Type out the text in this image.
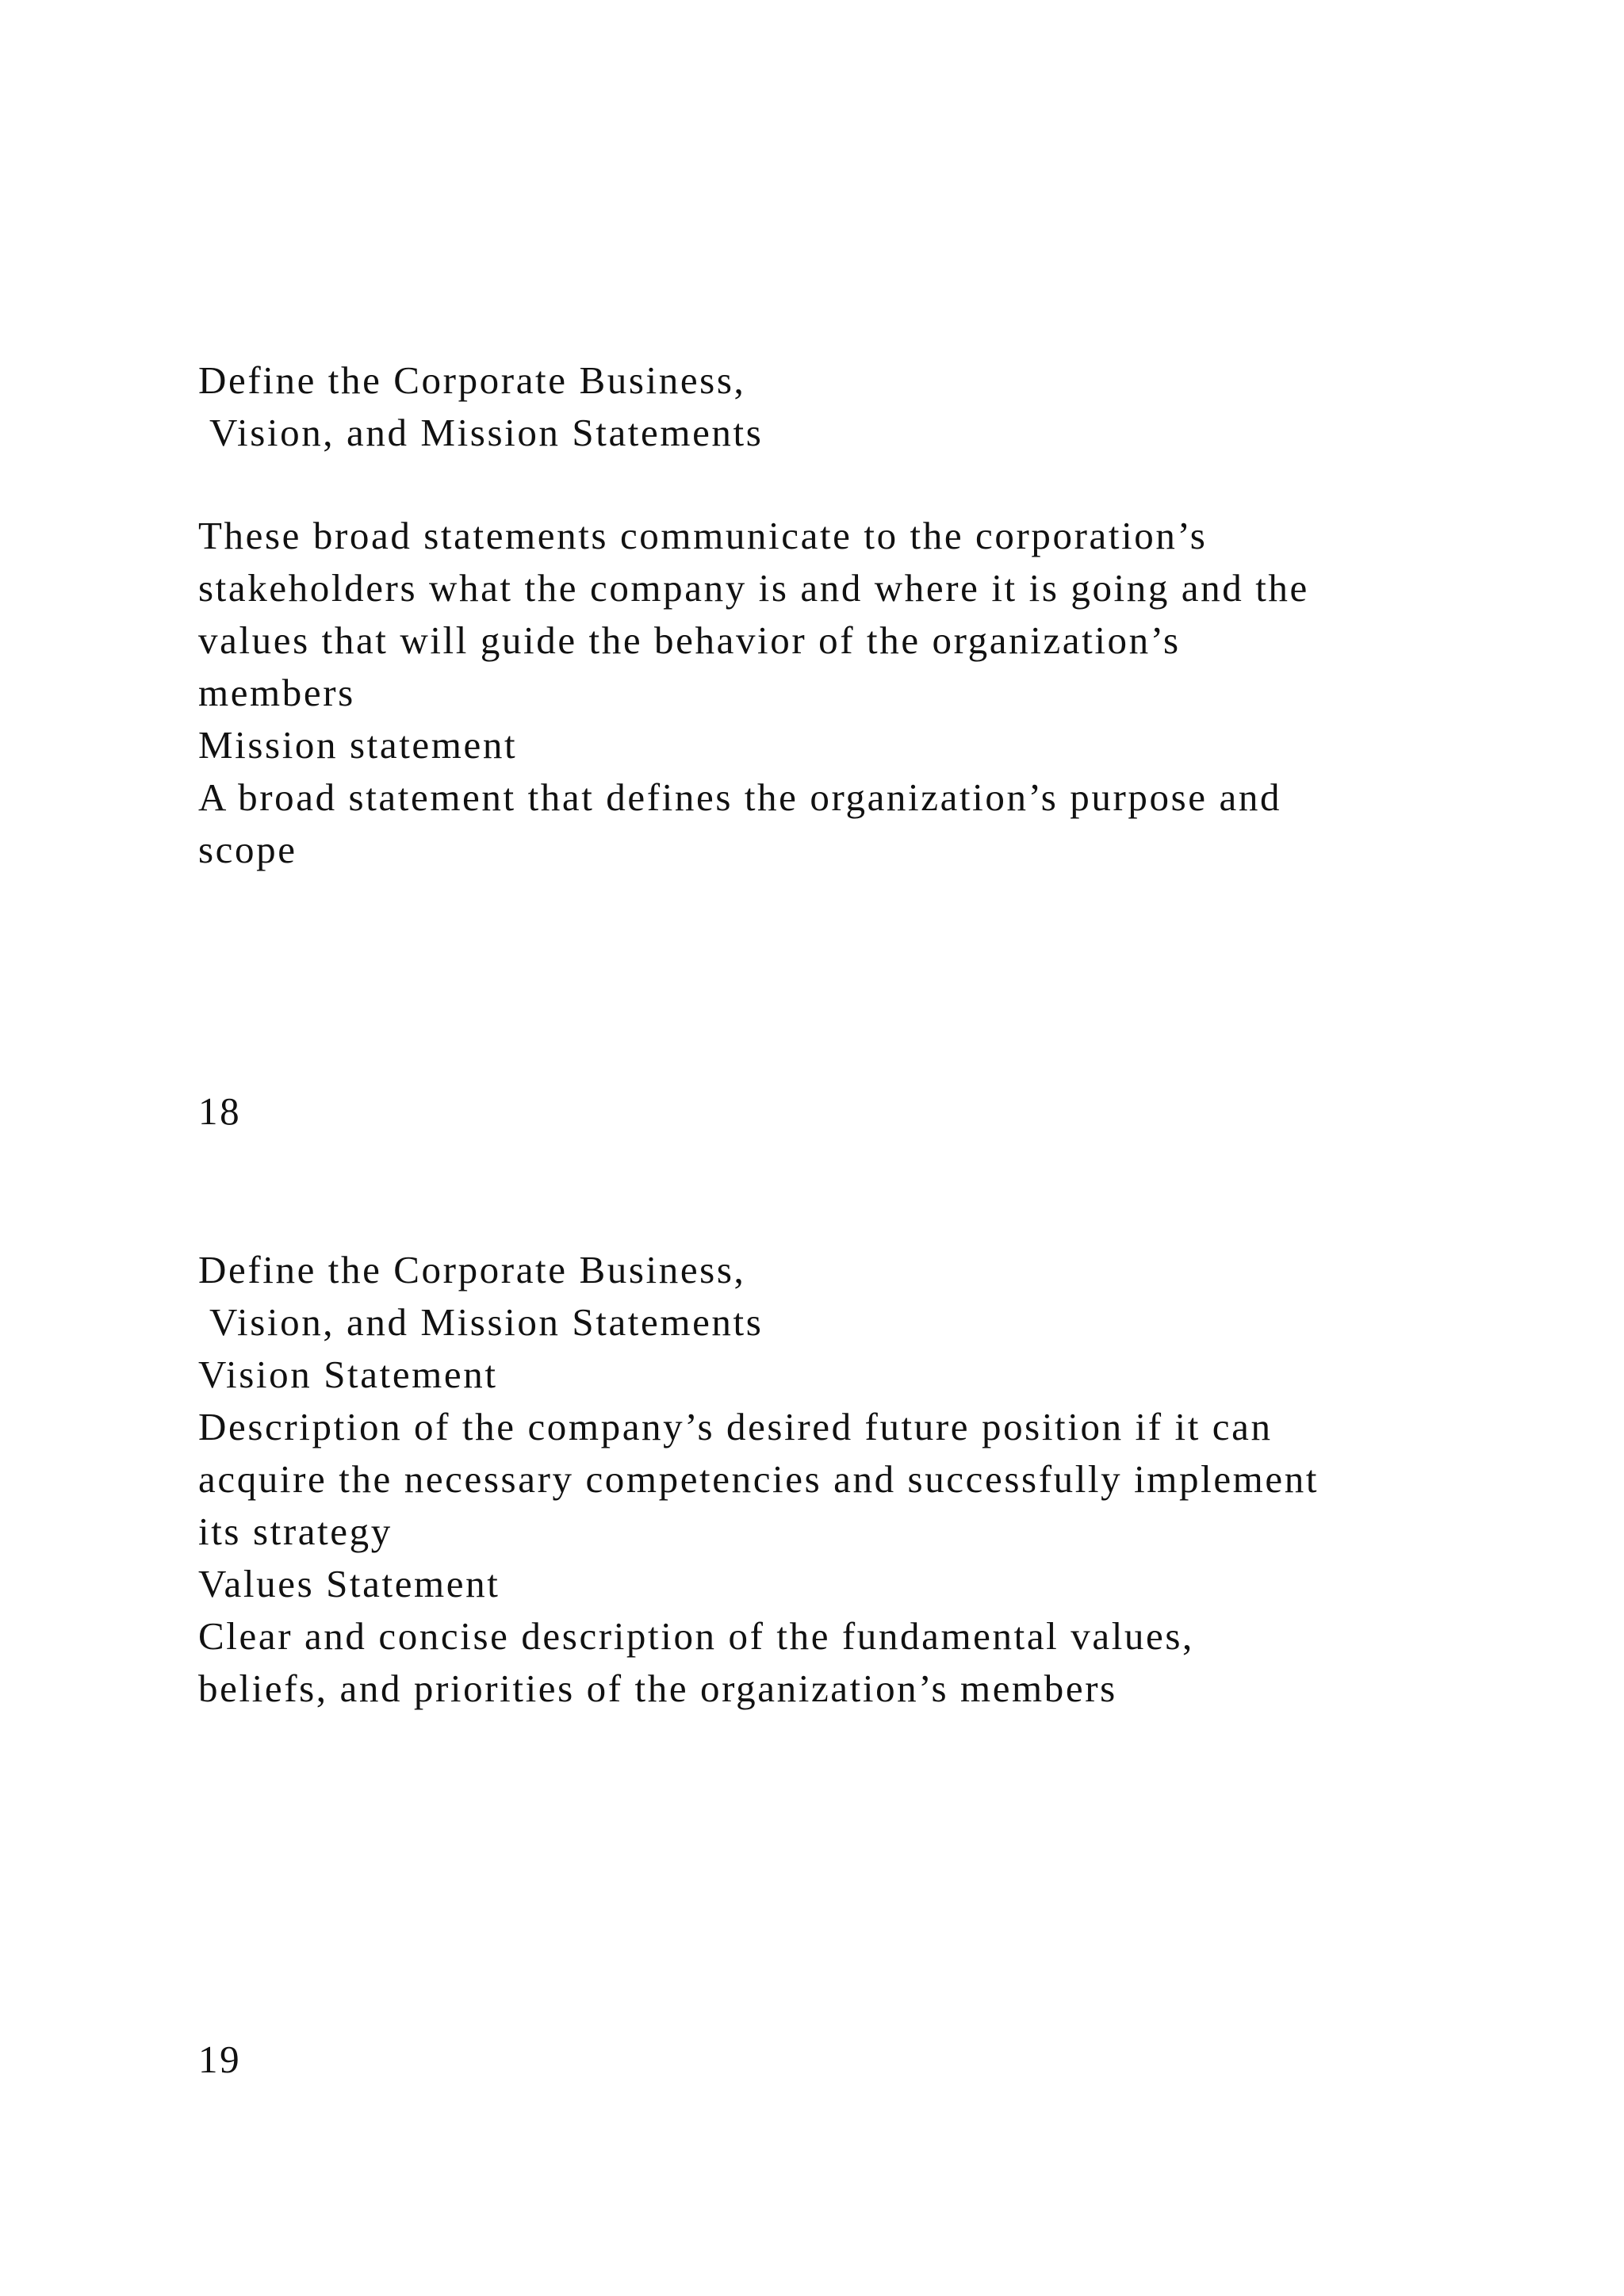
Define the Corporate Business,

Vision, and Mission Statements

These broad statements communicate to the corporation’s

stakeholders what the company is and where it is going and the

values that will guide the behavior of the organization’s

members

Mission statement

A broad statement that defines the organization’s purpose and

scope

18

Define the Corporate Business,

Vision, and Mission Statements

Vision Statement

Description of the company’s desired future position if it can

acquire the necessary competencies and successfully implement

its strategy

Values Statement

Clear and concise description of the fundamental values,

beliefs, and priorities of the organization’s members

19
